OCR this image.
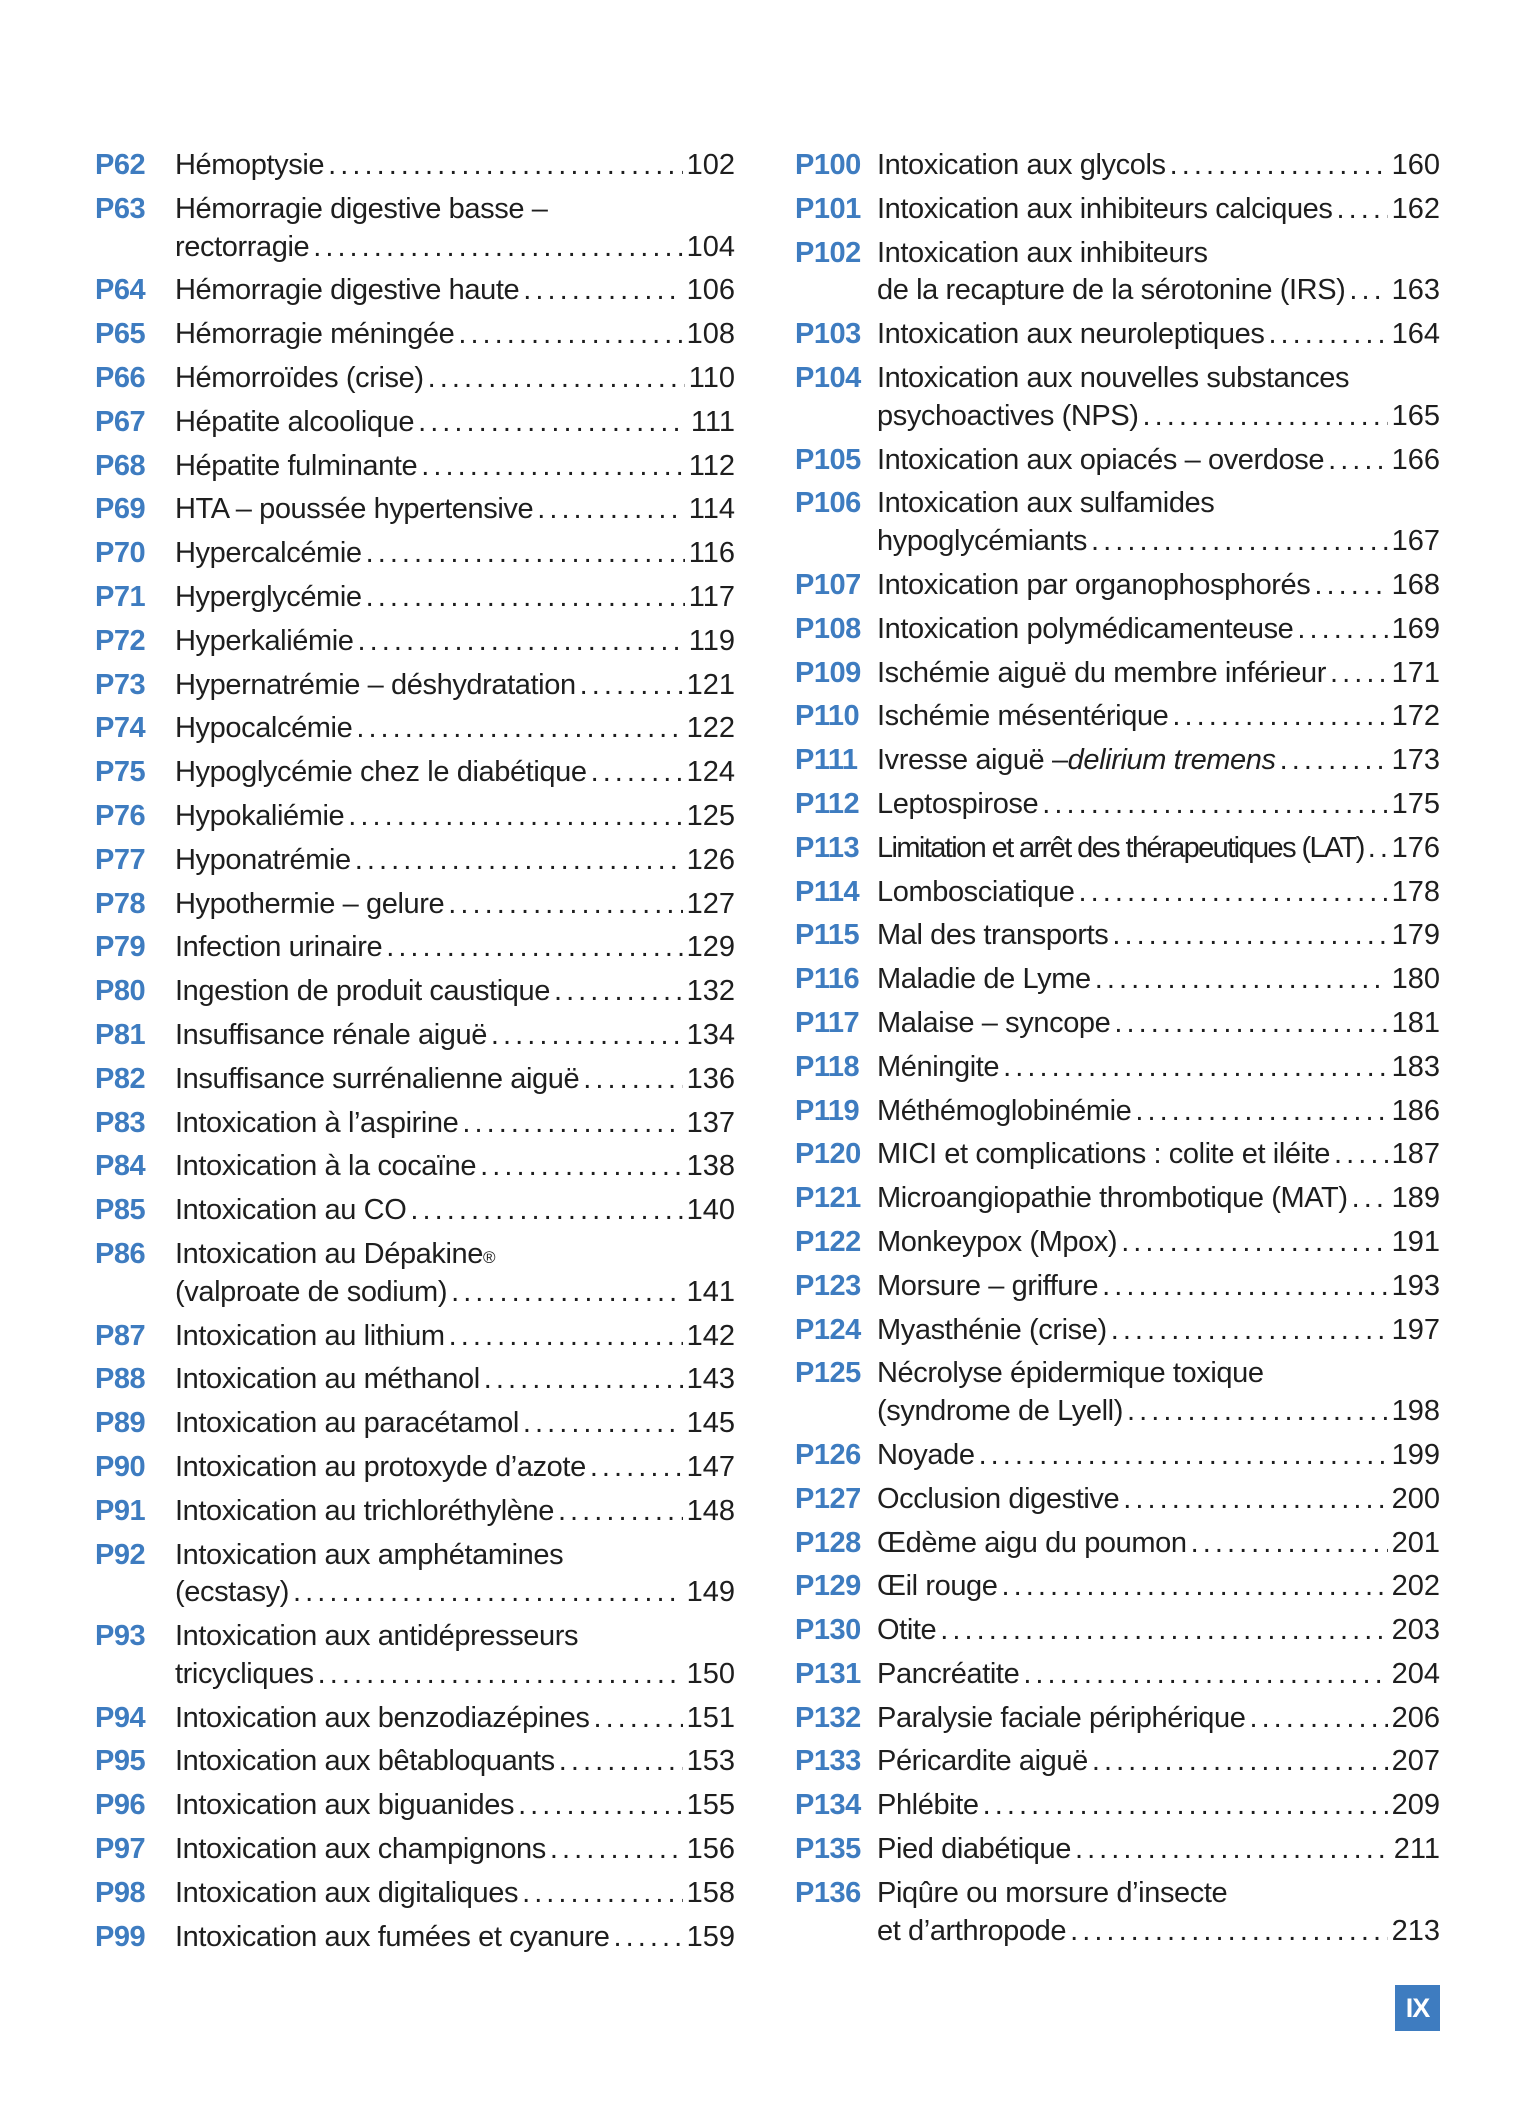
P62	Hémoptysie . . .	102
P63	Hémorragie digestive basse –
rectorragie . . .	104
P64	Hémorragie digestive haute . . .	106
P65	Hémorragie méningée . . .	108
P66	Hémorroïdes (crise) . . .	110
P67	Hépatite alcoolique . . .	111
P68	Hépatite fulminante . . .	112
P69	HTA – poussée hypertensive . . .	114
P70	Hypercalcémie . . .	116
P71	Hyperglycémie . . .	117
P72	Hyperkaliémie . . .	119
P73	Hypernatrémie – déshydratation . . .	121
P74	Hypocalcémie . . .	122
P75	Hypoglycémie chez le diabétique . . .	124
P76	Hypokaliémie . . .	125
P77	Hyponatrémie . . .	126
P78	Hypothermie – gelure . . .	127
P79	Infection urinaire . . .	129
P80	Ingestion de produit caustique . . .	132
P81	Insuffisance rénale aiguë . . .	134
P82	Insuffisance surrénalienne aiguë . . .	136
P83	Intoxication à l’aspirine . . .	137
P84	Intoxication à la cocaïne . . .	138
P85	Intoxication au CO . . .	140
P86	Intoxication au Dépakine ®
(valproate de sodium) . . .	141
P87	Intoxication au lithium . . .	142
P88	Intoxication au méthanol . . .	143
P89	Intoxication au paracétamol . . .	145
P90	Intoxication au protoxyde d’azote . . .	147
P91	Intoxication au trichloréthylène . . .	148
P92	Intoxication aux amphétamines
(ecstasy) . . .	149
P93	Intoxication aux antidépresseurs
tricycliques . . .	150
P94	Intoxication aux benzodiazépines . . .	151
P95	Intoxication aux bêtabloquants . . .	153
P96	Intoxication aux biguanides . . .	155
P97	Intoxication aux champignons . . .	156
P98	Intoxication aux digitaliques . . .	158
P99	Intoxication aux fumées et cyanure . . .	159
P100 Intoxication aux glycols . . .	160
P101 Intoxication aux inhibiteurs calciques . . . 162
P102 Intoxication aux inhibiteurs
de la recapture de la sérotonine (IRS) . . . 163
P103 Intoxication aux neuroleptiques . . .	164
P104 Intoxication aux nouvelles substances
psychoactives (NPS) . . .	165
P105 Intoxication aux opiacés – overdose . . . 166
P106 Intoxication aux sulfamides
hypoglycémiants . . .	167
P107 Intoxication par organophosphorés . . .	168
P108 Intoxication polymédicamenteuse . . .	169
P109 Ischémie aiguë du membre inférieur . . . 171
P110 Ischémie mésentérique . . .	172
P111 Ivresse aiguë – delirium tremens . . .	173
P112 Leptospirose . . .	175
P113 Limitation et arrêt des thérapeutiques (LAT) . . . 176
P114 Lombosciatique . . .	178
P115 Mal des transports . . .	179
P116 Maladie de Lyme . . .	180
P117 Malaise – syncope . . .	181
P118 Méningite . . .	183
P119 Méthémoglobinémie . . .	186
P120 MICI et complications : colite et iléite . . . 187
P121 Microangiopathie thrombotique (MAT) . . . 189
P122 Monkeypox (Mpox) . . .	191
P123 Morsure – griffure . . .	193
P124 Myasthénie (crise) . . .	197
P125 Nécrolyse épidermique toxique
(syndrome de Lyell) . . .	198
P126 Noyade . . .	199
P127 Occlusion digestive . . .	200
P128 Œdème aigu du poumon . . .	201
P129 Œil rouge . . .	202
P130 Otite . . .	203
P131 Pancréatite . . .	204
P132 Paralysie faciale périphérique . . .	206
P133 Péricardite aiguë . . .	207
P134 Phlébite . . .	209
P135 Pied diabétique . . .	211
P136 Piqûre ou morsure d’insecte
et d’arthropode . . .	213
IX
